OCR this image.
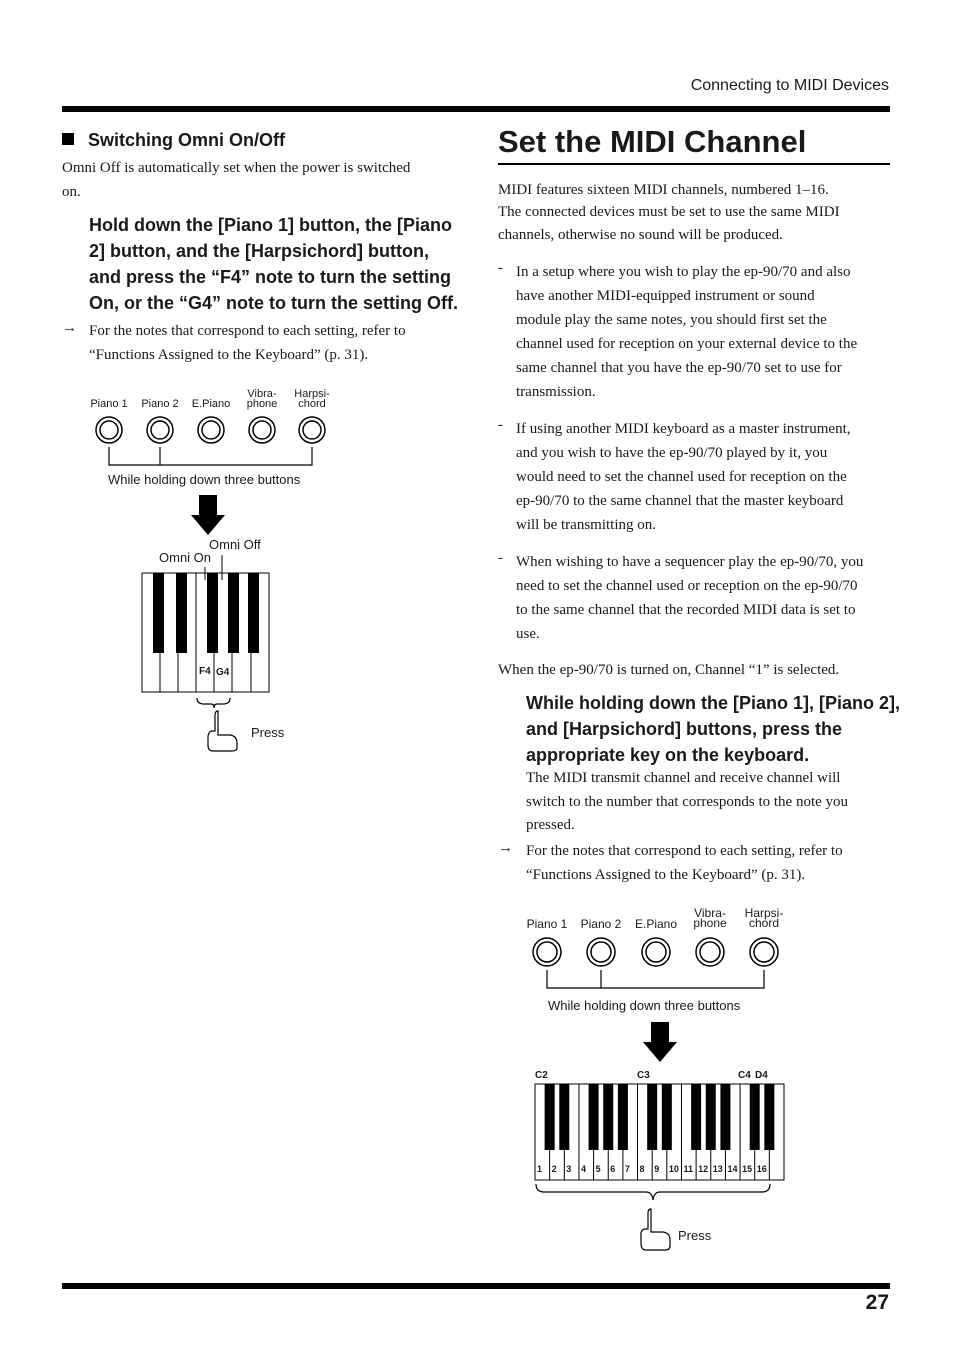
Connecting to MIDI Devices
Switching Omni On/Off
Omni Off is automatically set when the power is switched
on.
Hold down the [Piano 1] button, the [Piano
2] button, and the [Harpsichord] button,
and press the “F4” note to turn the setting
On, or the “G4” note to turn the setting Off.
→ For the notes that correspond to each setting, refer to
“Functions Assigned to the Keyboard” (p. 31).
Piano 1	Piano 2	E.Piano
Vibra-
phone
Harpsi-
chord
While holding down three buttons
Omni Off
Omni On
F4 G4
Press
Set the MIDI Channel
MIDI features sixteen MIDI channels, numbered 1–16.
The connected devices must be set to use the same MIDI
channels, otherwise no sound will be produced.
- In a setup where you wish to play the ep-90/70 and also
have another MIDI-equipped instrument or sound
module play the same notes, you should first set the
channel used for reception on your external device to the
same channel that you have the ep-90/70 set to use for
transmission.
- If using another MIDI keyboard as a master instrument,
and you wish to have the ep-90/70 played by it, you
would need to set the channel used for reception on the
ep-90/70 to the same channel that the master keyboard
will be transmitting on.
- When wishing to have a sequencer play the ep-90/70, you
need to set the channel used or reception on the ep-90/70
to the same channel that the recorded MIDI data is set to
use.
When the ep-90/70 is turned on, Channel “1” is selected.
While holding down the [Piano 1], [Piano 2],
and [Harpsichord] buttons, press the
appropriate key on the keyboard.
The MIDI transmit channel and receive channel will
switch to the number that corresponds to the note you
pressed.
→ For the notes that correspond to each setting, refer to
“Functions Assigned to the Keyboard” (p. 31).
Piano 1	Piano 2	E.Piano
Vibra-
phone
Harpsi-
chord
While holding down three buttons
C2	C3	C4 D4
1 2 3 4 5 6 7 8 9 10 11 12 13 14 15 16
Press
27
